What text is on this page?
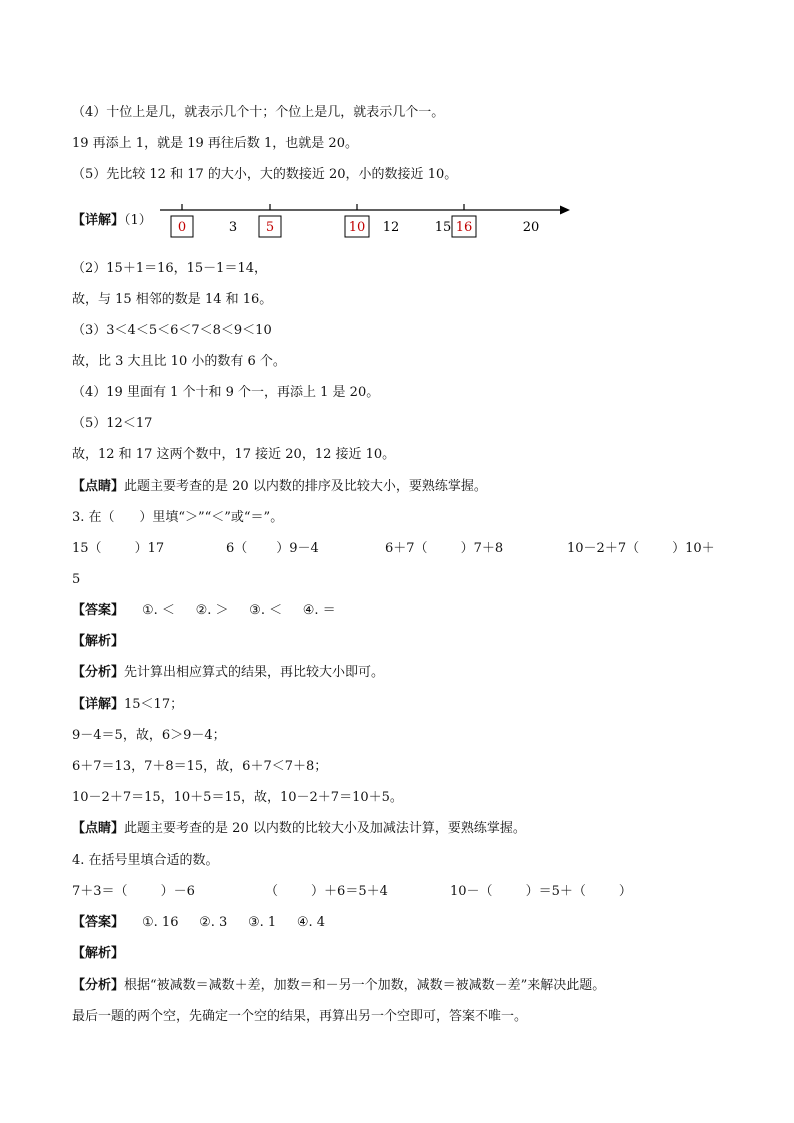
（4）十位上是几，就表示几个十；个位上是几，就表示几个一。
19 再添上 1，就是 19 再往后数 1，也就是 20。
（5）先比较 12 和 17 的大小，大的数接近 20，小的数接近 10。
【详解】（1） 0	3 5	10 12	15 16	20
（2）15＋1＝16，15－1＝14，
故，与 15 相邻的数是 14 和 16。
（3）3＜4＜5＜6＜7＜8＜9＜10
故，比 3 大且比 10 小的数有 6 个。
（4）19 里面有 1 个十和 9 个一，再添上 1 是 20。
（5）12＜17
故，12 和 17 这两个数中，17 接近 20，12 接近 10。
【点睛】此题主要考查的是 20 以内数的排序及比较大小，要熟练掌握。
3. 在（      ）里填“＞”“＜”或“＝”。
15（        ）17	6（       ）9－4	6＋7（        ）7＋8	10－2＋7（        ）10＋
5
【答案】 ①. ＜     ②. ＞     ③. ＜     ④. ＝
【解析】
【分析】先计算出相应算式的结果，再比较大小即可。
【详解】15＜17；
9－4＝5，故，6＞9－4；
6＋7＝13，7＋8＝15，故，6＋7＜7＋8；
10－2＋7＝15，10＋5＝15，故，10－2＋7＝10＋5。
【点睛】此题主要考查的是 20 以内数的比较大小及加减法计算，要熟练掌握。
4. 在括号里填合适的数。
7＋3＝（        ）－6	（        ）＋6＝5＋4	10－（        ）＝5＋（        ）
【答案】 ①. 16     ②. 3     ③. 1     ④. 4
【解析】
【分析】根据“被减数＝减数＋差，加数＝和－另一个加数，减数＝被减数－差”来解决此题。
最后一题的两个空，先确定一个空的结果，再算出另一个空即可，答案不唯一。
